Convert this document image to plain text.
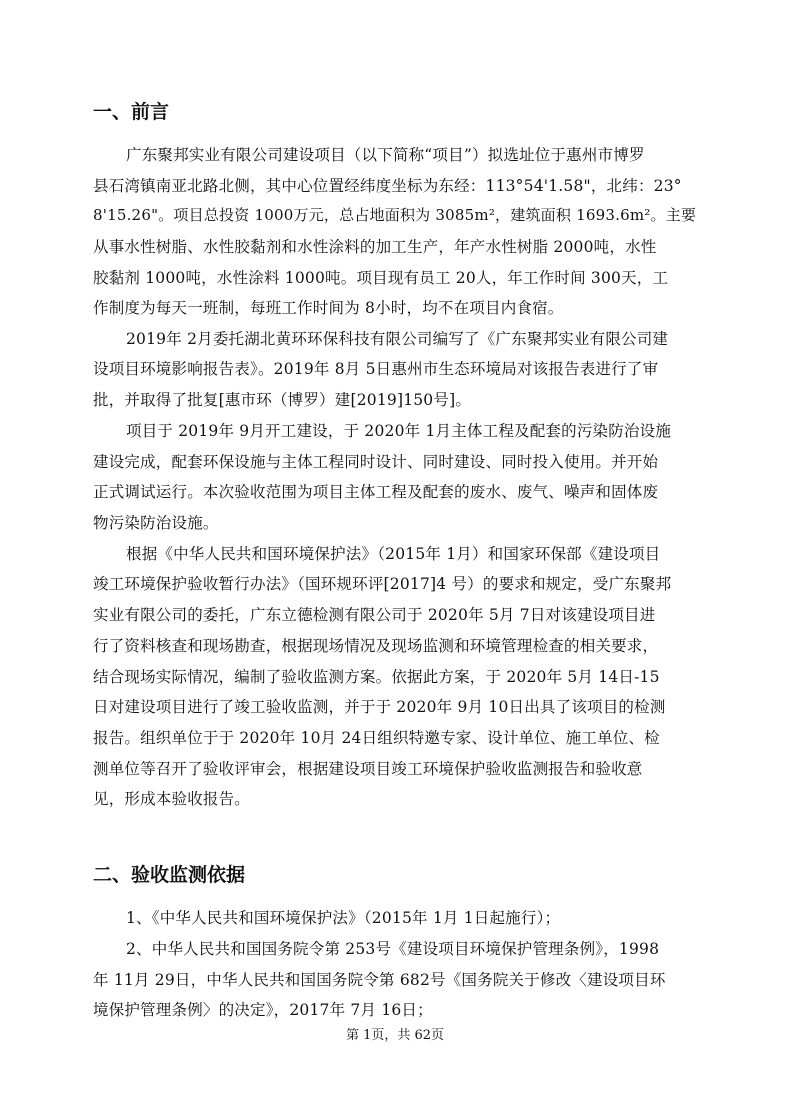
一、前言
广东聚邦实业有限公司建设项目（以下简称“项目”）拟选址位于惠州市博罗
县石湾镇南亚北路北侧，其中心位置经纬度坐标为东经：113°54'1.58"，北纬：23°
8'15.26"。项目总投资 1000万元，总占地面积为 3085m²，建筑面积 1693.6m²。主要
从事水性树脂、水性胶黏剂和水性涂料的加工生产，年产水性树脂 2000吨，水性
胶黏剂 1000吨，水性涂料 1000吨。项目现有员工 20人，年工作时间 300天，工
作制度为每天一班制，每班工作时间为 8小时，均不在项目内食宿。
2019年 2月委托湖北黄环环保科技有限公司编写了《广东聚邦实业有限公司建
设项目环境影响报告表》。2019年 8月 5日惠州市生态环境局对该报告表进行了审
批，并取得了批复[惠市环（博罗）建[2019]150号]。
项目于 2019年 9月开工建设，于 2020年 1月主体工程及配套的污染防治设施
建设完成，配套环保设施与主体工程同时设计、同时建设、同时投入使用。并开始
正式调试运行。本次验收范围为项目主体工程及配套的废水、废气、噪声和固体废
物污染防治设施。
根据《中华人民共和国环境保护法》（2015年 1月）和国家环保部《建设项目
竣工环境保护验收暂行办法》（国环规环评[2017]4 号）的要求和规定，受广东聚邦
实业有限公司的委托，广东立德检测有限公司于 2020年 5月 7日对该建设项目进
行了资料核查和现场勘查，根据现场情况及现场监测和环境管理检查的相关要求，
结合现场实际情况，编制了验收监测方案。依据此方案，于 2020年 5月 14日-15
日对建设项目进行了竣工验收监测，并于于 2020年 9月 10日出具了该项目的检测
报告。组织单位于于 2020年 10月 24日组织特邀专家、设计单位、施工单位、检
测单位等召开了验收评审会，根据建设项目竣工环境保护验收监测报告和验收意
见，形成本验收报告。
二、验收监测依据
1、《中华人民共和国环境保护法》（2015年 1月 1日起施行）；
2、中华人民共和国国务院令第 253号《建设项目环境保护管理条例》，1998
年 11月 29日，中华人民共和国国务院令第 682号《国务院关于修改〈建设项目环
境保护管理条例〉的决定》，2017年 7月 16日；
第 1页，共 62页
